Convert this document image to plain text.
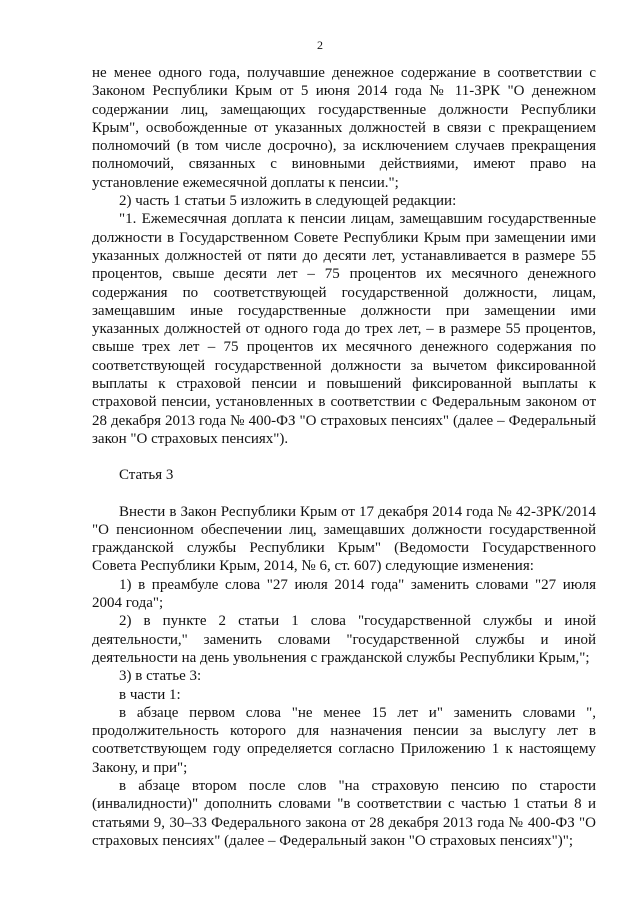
2

не менее одного года, получавшие денежное содержание в соответствии с Законом Республики Крым от 5 июня 2014 года № 11-ЗРК "О денежном содержании лиц, замещающих государственные должности Республики Крым", освобожденные от указанных должностей в связи с прекращением полномочий (в том числе досрочно), за исключением случаев прекращения полномочий, связанных с виновными действиями, имеют право на установление ежемесячной доплаты к пенсии.";

2) часть 1 статьи 5 изложить в следующей редакции:

"1. Ежемесячная доплата к пенсии лицам, замещавшим государственные должности в Государственном Совете Республики Крым при замещении ими указанных должностей от пяти до десяти лет, устанавливается в размере 55 процентов, свыше десяти лет – 75 процентов их месячного денежного содержания по соответствующей государственной должности, лицам, замещавшим иные государственные должности при замещении ими указанных должностей от одного года до трех лет, – в размере 55 процентов, свыше трех лет – 75 процентов их месячного денежного содержания по соответствующей государственной должности за вычетом фиксированной выплаты к страховой пенсии и повышений фиксированной выплаты к страховой пенсии, установленных в соответствии с Федеральным законом от 28 декабря 2013 года № 400-ФЗ "О страховых пенсиях" (далее – Федеральный закон "О страховых пенсиях").

Статья 3

Внести в Закон Республики Крым от 17 декабря 2014 года № 42-ЗРК/2014 "О пенсионном обеспечении лиц, замещавших должности государственной гражданской службы Республики Крым" (Ведомости Государственного Совета Республики Крым, 2014, № 6, ст. 607) следующие изменения:

1) в преамбуле слова "27 июля 2014 года" заменить словами "27 июля 2004 года";

2) в пункте 2 статьи 1 слова "государственной службы и иной деятельности," заменить словами "государственной службы и иной деятельности на день увольнения с гражданской службы Республики Крым,";

3) в статье 3:

в части 1:

в абзаце первом слова "не менее 15 лет и" заменить словами ", продолжительность которого для назначения пенсии за выслугу лет в соответствующем году определяется согласно Приложению 1 к настоящему Закону, и при";

в абзаце втором после слов "на страховую пенсию по старости (инвалидности)" дополнить словами "в соответствии с частью 1 статьи 8 и статьями 9, 30–33 Федерального закона от 28 декабря 2013 года № 400-ФЗ "О страховых пенсиях" (далее – Федеральный закон "О страховых пенсиях")";
